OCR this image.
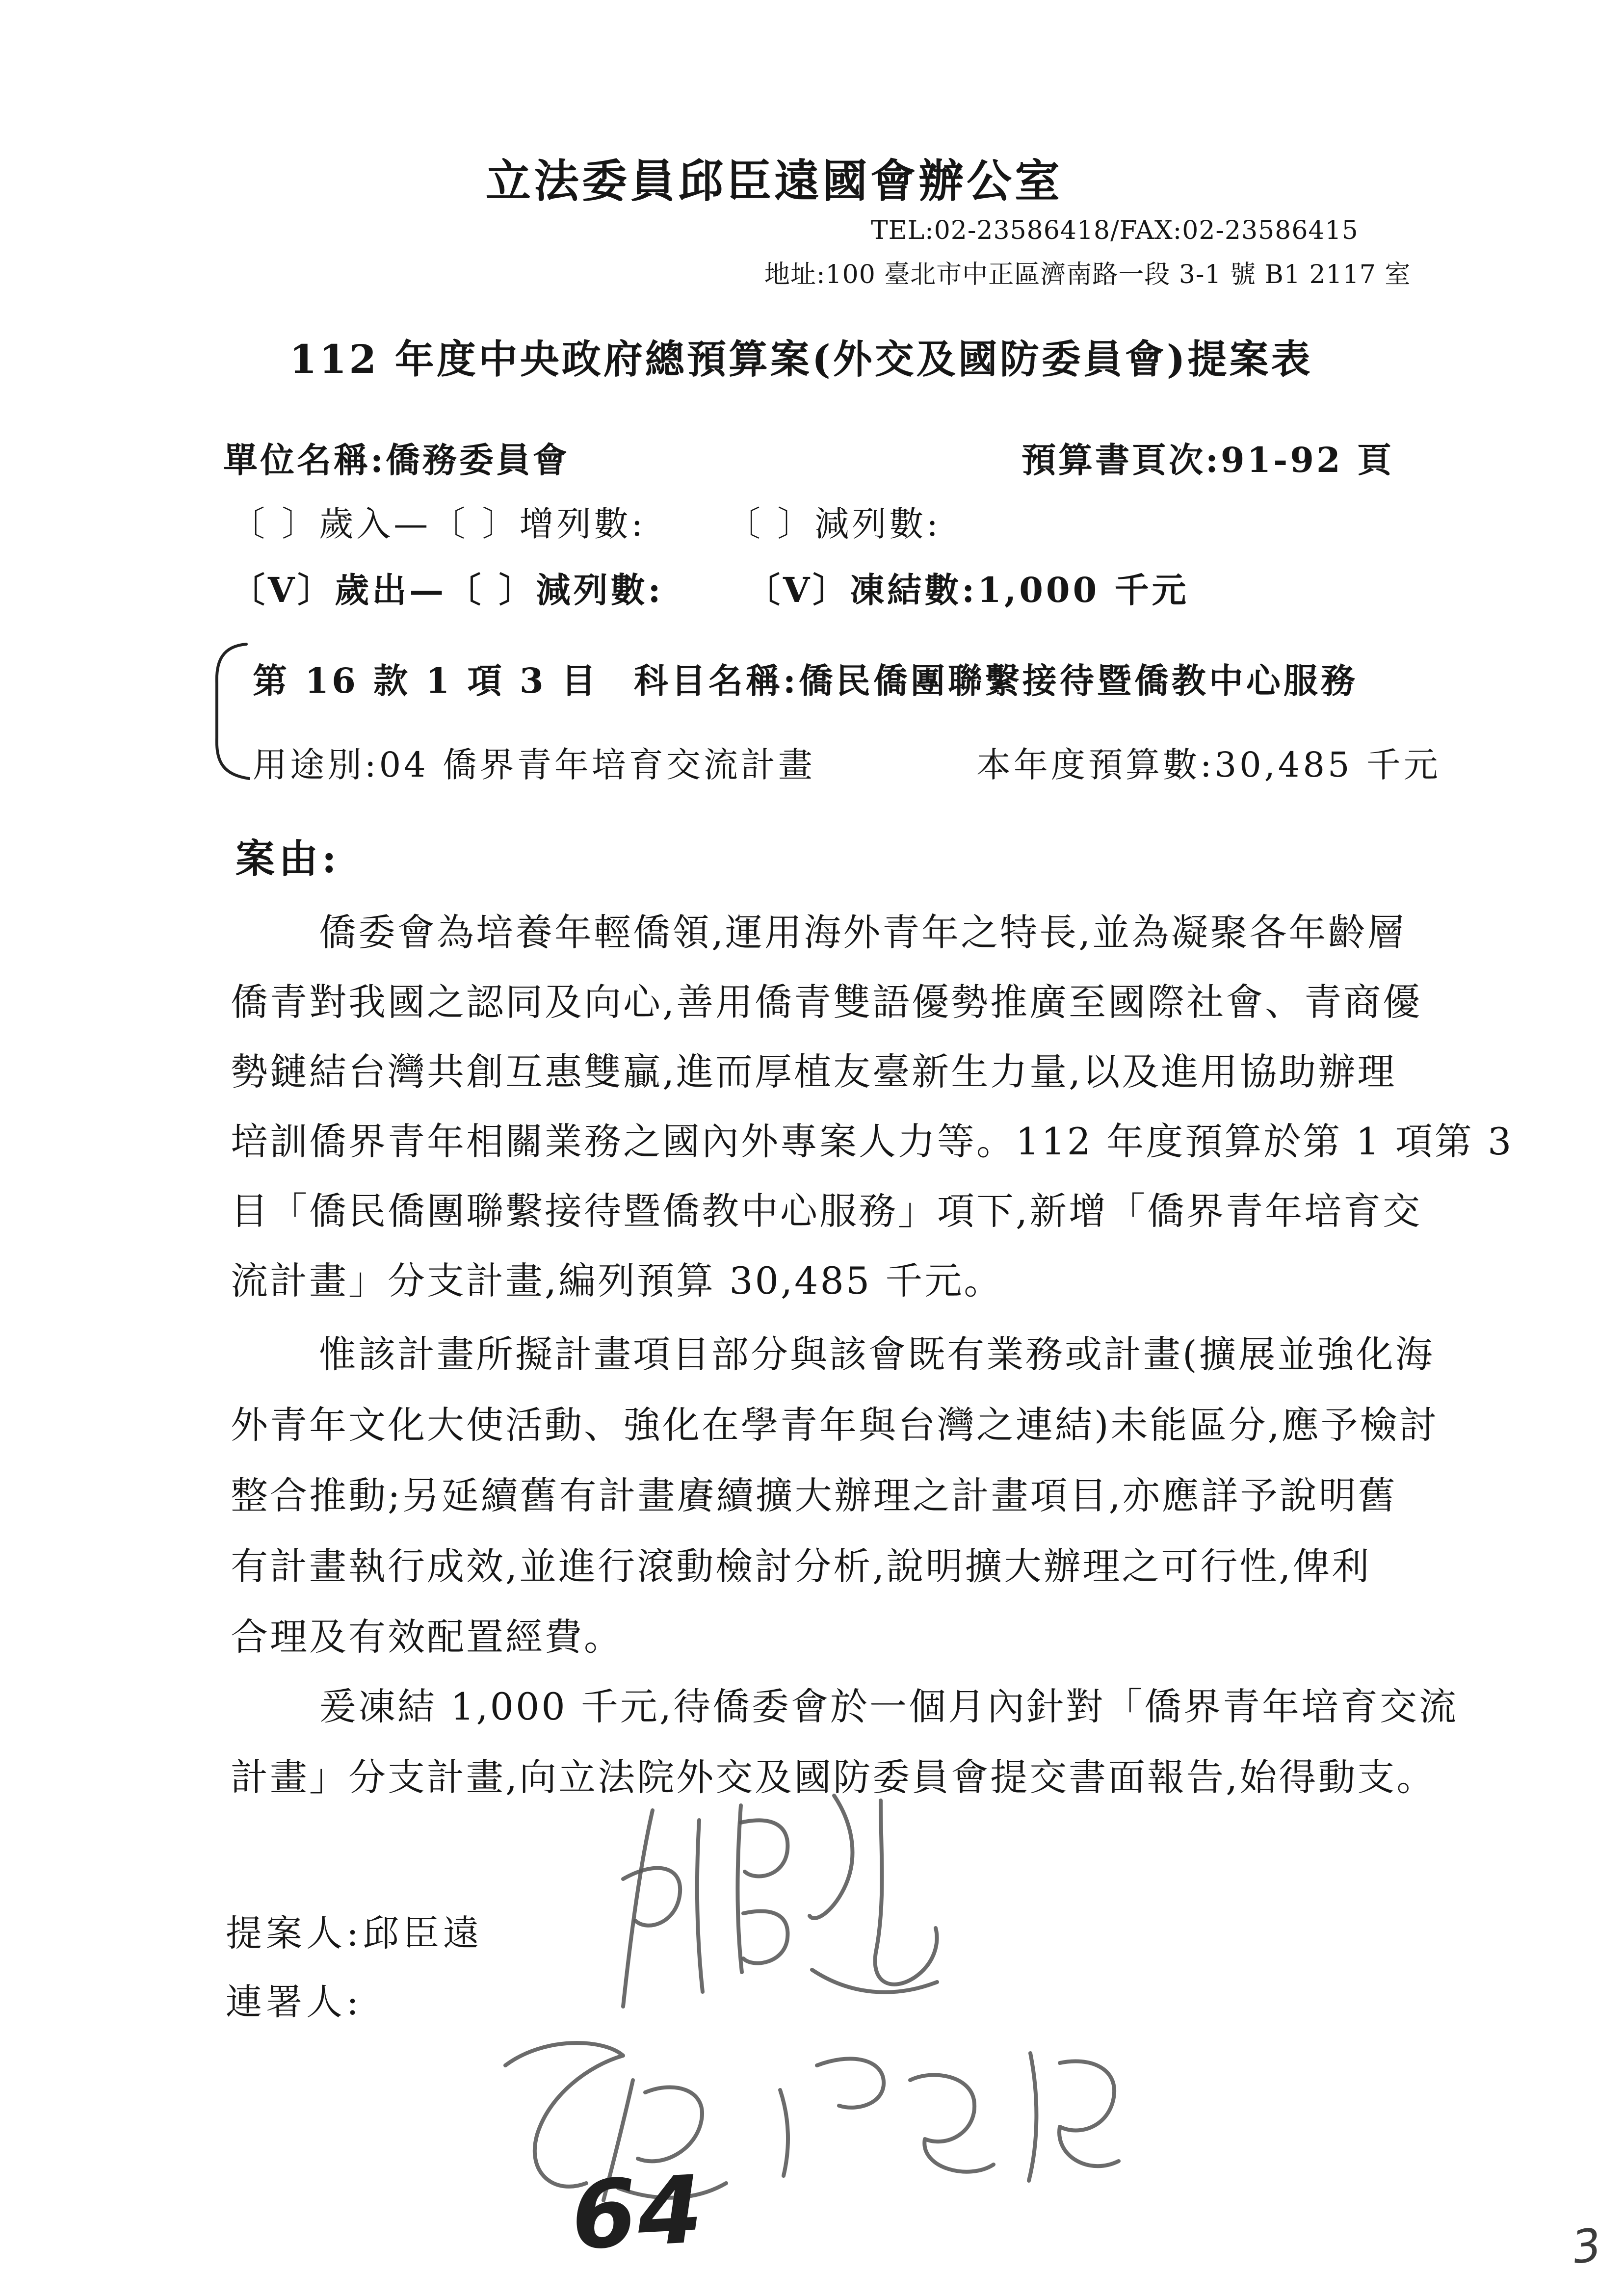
立法委員邱臣遠國會辦公室
TEL:02-23586418/FAX:02-23586415
地址:100 臺北市中正區濟南路一段 3-1 號 B1 2117 室
112 年度中央政府總預算案(外交及國防委員會)提案表
單位名稱:僑務委員會	預算書頁次:91-92 頁
〔 〕歲入—〔 〕增列數: 〔 〕減列數:
〔V〕歲出—〔 〕減列數: 〔V〕凍結數:1,000 千元
第 16 款 1 項 3 目 科目名稱:僑民僑團聯繫接待暨僑教中心服務
用途別:04 僑界青年培育交流計畫	本年度預算數:30,485 千元
案由:
僑委會為培養年輕僑領,運用海外青年之特長,並為凝聚各年齡層
僑青對我國之認同及向心,善用僑青雙語優勢推廣至國際社會、青商優
勢鏈結台灣共創互惠雙贏,進而厚植友臺新生力量,以及進用協助辦理
培訓僑界青年相關業務之國內外專案人力等。112 年度預算於第 1 項第 3
目「僑民僑團聯繫接待暨僑教中心服務」項下,新增「僑界青年培育交
流計畫」分支計畫,編列預算 30,485 千元。
惟該計畫所擬計畫項目部分與該會既有業務或計畫(擴展並強化海
外青年文化大使活動、強化在學青年與台灣之連結)未能區分,應予檢討
整合推動;另延續舊有計畫賡續擴大辦理之計畫項目,亦應詳予說明舊
有計畫執行成效,並進行滾動檢討分析,說明擴大辦理之可行性,俾利
合理及有效配置經費。
爰凍結 1,000 千元,待僑委會於一個月內針對「僑界青年培育交流
計畫」分支計畫,向立法院外交及國防委員會提交書面報告,始得動支。
提案人:邱臣遠
連署人:
64	3
